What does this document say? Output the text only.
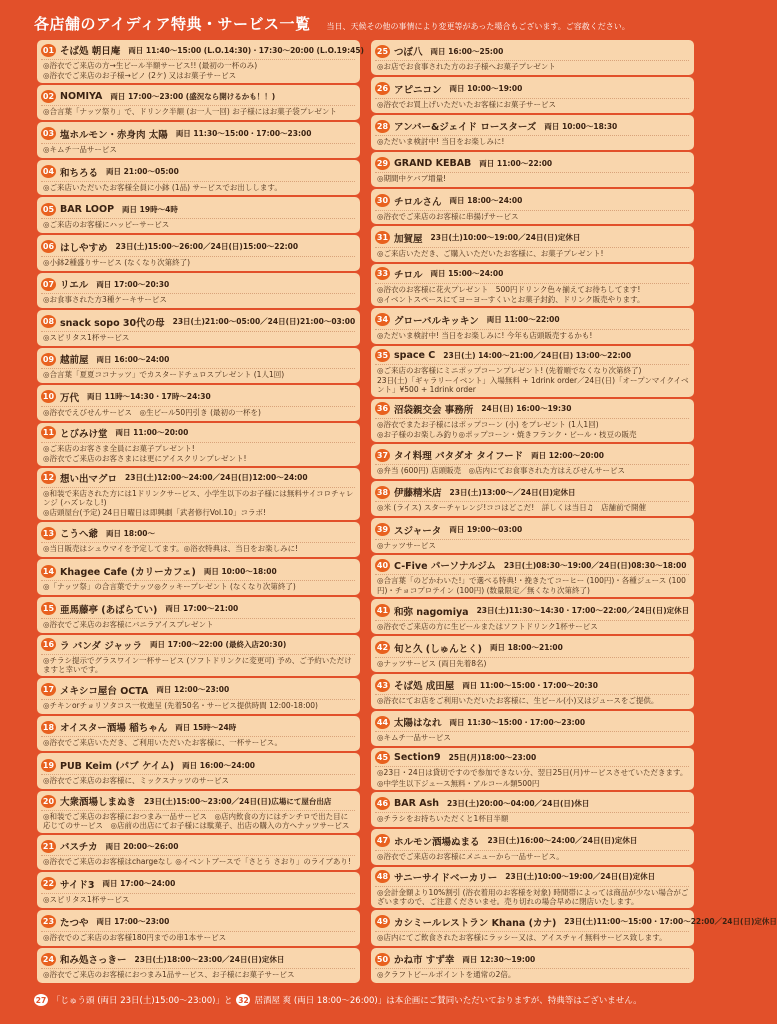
各店舗のアイディア特典・サービス一覧 当日、天候その他の事情により変更等があった場合もございます。ご容赦ください。
01 そば処 朝日庵 両日 11:40～15:00 (L.O.14:30)・17:30～20:00 (L.O.19:45)
◎浴衣でご来店の方→生ビール半額サービス!! (最初の一杯のみ)
◎浴衣でご来店のお子様→ビノ (2ケ) 又はお菓子サービス
02 NOMIYA 両日 17:00～23:00 (盛況なら開けるかも！！)
◎合言葉「ナッツ祭り」で、ドリンク半額 (お一人一回) お子様にはお菓子袋プレゼント
03 塩ホルモン・赤身肉 太陽 両日 11:30～15:00・17:00～23:00
◎キムチ一品サービス
04 和ちろる 両日 21:00～05:00
◎ご来店いただいたお客様全員に小鉢 (1品) サービスでお出しします。
05 BAR LOOP 両日 19時～4時
◎ご来店のお客様にハッピーサービス
06 はしやすめ 23日(土)15:00～26:00／24日(日)15:00～22:00
◎小鉢2種盛りサービス (なくなり次第終了)
07 リエル 両日 17:00～20:30
◎お食事された方3種ケーキサービス
08 snack sopo 30代の母 23日(土)21:00～05:00／24日(日)21:00～03:00
◎スピリタス1杯サービス
09 越前屋 両日 16:00～24:00
◎合言葉「夏夏ココナッツ」でカスタードチュロスプレゼント (1人1回)
10 万代 両日 11時～14:30・17時～24:30
◎浴衣でえびせんサービス　◎生ビール50円引き (最初の一杯を)
11 とびみけ堂 両日 11:00～20:00
◎ご来店のお客さま全員にお菓子プレゼント!
◎浴衣でご来店のお客さまには更にアイスクリンプレゼント!
12 想い出マグロ 23日(土)12:00～24:00／24日(日)12:00～24:00
◎和装で来店された方には1ドリンクサービス、小学生以下のお子様には無料サイコロチャレンジ (ハズレなし!)
◎店頭屋台(予定) 24日日曜日は即興劇「武者修行Vol.10」コラボ!
13 こうへ爺 両日 18:00～
◎当日販売はシュウマイを予定してます。◎浴衣特典は、当日をお楽しみに!
14 Khagee Cafe (カリーカフェ) 両日 10:00～18:00
◎「ナッツ祭」の合言葉でナッツ◎クッキープレゼント (なくなり次第終了)
15 亜馬藤亭 (あばらてい) 両日 17:00～21:00
◎浴衣でご来店のお客様にバニラアイスプレゼント
16 ラ バンダ ジャッラ 両日 17:00～22:00 (最終入店20:30)
◎チラシ提示でグラスワイン一杯サービス (ソフトドリンクに変更可) 予め、ご予約いただけますと幸いです。
17 メキシコ屋台 OCTA 両日 12:00～23:00
◎チキンorチョリソタコス一枚進呈 (先着50名・サービス提供時間 12:00-18:00)
18 オイスター酒場 稲ちゃん 両日 15時～24時
◎浴衣でご来店いただき、ご利用いただいたお客様に、一杯サービス。
19 PUB Keim (パブ ケイム) 両日 16:00～24:00
◎浴衣でご来店のお客様に、ミックスナッツのサービス
20 大衆酒場しまぬき 23日(土)15:00～23:00／24日(日)広場にて屋台出店
◎和装でご来店のお客様におつまみ一品サービス　◎店内飲食の方にはチンチロで出た目に応じてのサービス　◎店前の出店にてお子様には駄菓子、出店の購入の方へナッツサービス
21 バスチカ 両日 20:00～26:00
◎浴衣でご来店のお客様はchargeなし ◎イベントブースで「さとう さおり」のライブあり!
22 サイド3 両日 17:00～24:00
◎スピリタス1杯サービス
23 たつや 両日 17:00～23:00
◎浴衣でのご来店のお客様180円までの串1本サービス
24 和み処さっきー 23日(土)18:00～23:00／24日(日)定休日
◎浴衣でご来店のお客様におつまみ1品サービス、お子様にお菓子サービス
25 つぼ八 両日 16:00～25:00
◎お店でお食事された方のお子様へお菓子プレゼント
26 アピニコン 両日 10:00～19:00
◎浴衣でお買上げいただいたお客様にお菓子サービス
28 アンバー&ジェイド ロースターズ 両日 10:00～18:30
◎ただいま検討中! 当日をお楽しみに!
29 GRAND KEBAB 両日 11:00～22:00
◎期間中ケバブ増量!
30 チロルさん 両日 18:00～24:00
◎浴衣でご来店のお客様に串揚げサービス
31 加賀屋 23日(土)10:00～19:00／24日(日)定休日
◎ご来店いただき、ご購入いただいたお客様に、お菓子プレゼント!
33 チロル 両日 15:00～24:00
◎浴衣のお客様に花火プレゼント　500円ドリンク色々揃えてお待ちしてます!
◎イベントスペースにてヨーヨーすくいとお菓子封釣、ドリンク販売やります。
34 グローバルキッキン 両日 11:00～22:00
◎ただいま検討中! 当日をお楽しみに! 今年も店頭販売するかも!
35 space C 23日(土) 14:00～21:00／24日(日) 13:00～22:00
◎ご来店のお客様にミニポップコーンプレゼント! (先着順でなくなり次第終了)
23日(土)「ギャラリーイベント」入場無料 + 1drink order／24日(日)「オープンマイクイベント」¥500 + 1drink order
36 沼袋親交会 事務所 24日(日) 16:00～19:30
◎浴衣でまたお子様にはポップコーン (小) をプレゼント (1人1回)
◎お子様のお楽しみ釣り◎ポップコーン・焼きフランク・ビール・枝豆の販売
37 タイ料理 パタダオ タイフード 両日 12:00～20:00
◎弁当 (600円) 店頭販売　◎店内にてお食事された方はえびせんサービス
38 伊藤精米店 23日(土)13:00～／24日(日)定休日
◎米 (ライス) スターチャレンジ!ココはどこだ!　詳しくは当日♫　店舗前で開催
39 スジャータ 両日 19:00～03:00
◎ナッツサービス
40 C-Five パーソナルジム 23日(土)08:30～19:00／24日(日)08:30～18:00
◎合言葉「のどかわいた!」で選べる特典!・挽きたてコーヒー (100円)・各種ジュース (100円)・チョコプロテイン (100円) (数量限定／無くなり次第終了)
41 和弥 nagomiya 23日(土)11:30～14:30・17:00～22:00／24日(日)定休日
◎浴衣でご来店の方に生ビールまたはソフトドリンク1杯サービス
42 旬と久 (しゅんとく) 両日 18:00～21:00
◎ナッツサービス (両日先着8名)
43 そば処 成田屋 両日 11:00～15:00・17:00～20:30
◎浴衣にてお店をご利用いただいたお客様に、生ビール(小)又はジュースをご提供。
44 太陽はなれ 両日 11:30～15:00・17:00～23:00
◎キムチ一品サービス
45 Section9 25日(月)18:00～23:00
◎23日・24日は貸切ですので参加できない分、翌日25日(月)サービスさせていただきます。
◎中学生以下ジュース無料・アルコール類500円
46 BAR Ash 23日(土)20:00～04:00／24日(日)休日
◎チラシをお持ちいただくと1杯目半額
47 ホルモン酒場ぬまる 23日(土)16:00～24:00／24日(日)定休日
◎浴衣でご来店のお客様にメニューから一品サービス。
48 サニーサイドベーカリー 23日(土)10:00～19:00／24日(日)定休日
◎会計金額より10%割引 (浴衣着用のお客様を対象) 時間帯によっては商品が少ない場合がございますので、ご注意くださいませ。売り切れの場合早めに閉店いたします。
49 カシミールレストラン Khana (カナ) 23日(土)11:00～15:00・17:00～22:00／24日(日)定休日
◎店内にてご飲食されたお客様にラッシー又は、アイスチャイ無料サービス致します。
50 かね市 すず幸 両日 12:30～19:00
◎クラフトビールポイントを通常の2倍。
27 「じゅう頭 (両日 23日(土)15:00～23:00)」と 32 居酒屋 爽 (両日 18:00～26:00)」は本企画にご賛同いただいておりますが、特典等はございません。
